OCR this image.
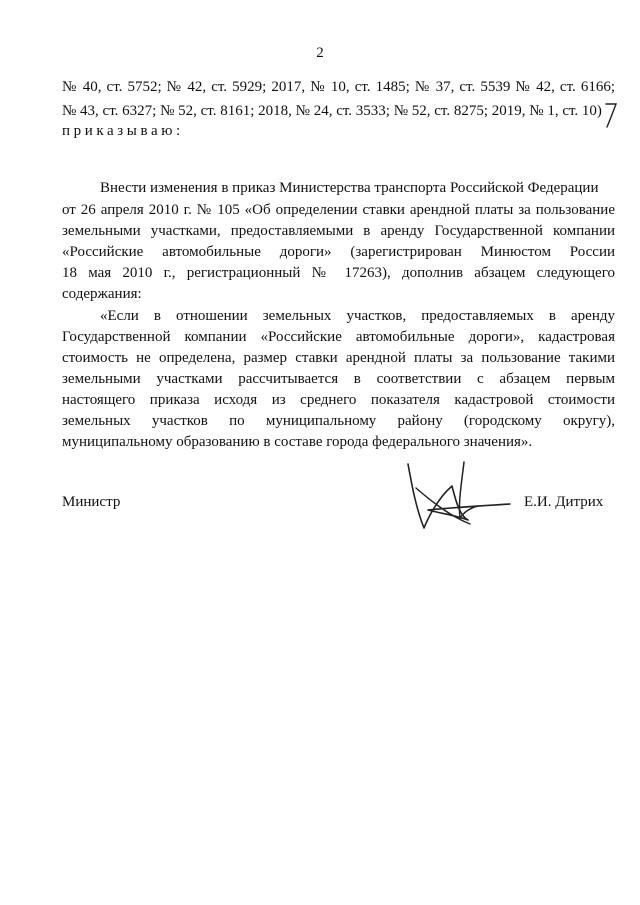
2
№ 40, ст. 5752; № 42, ст. 5929; 2017, № 10, ст. 1485; № 37, ст. 5539 № 42, ст. 6166;
№ 43, ст. 6327; № 52, ст. 8161; 2018, № 24, ст. 3533; № 52, ст. 8275; 2019, № 1, ст. 10)
приказываю:
Внести изменения в приказ Министерства транспорта Российской Федерации
от 26 апреля 2010 г. № 105 «Об определении ставки арендной платы за пользование
земельными участками, предоставляемыми в аренду Государственной компании
«Российские автомобильные дороги» (зарегистрирован Минюстом России
18 мая 2010 г., регистрационный № 17263), дополнив абзацем следующего
содержания:
«Если в отношении земельных участков, предоставляемых в аренду
Государственной компании «Российские автомобильные дороги», кадастровая
стоимость не определена, размер ставки арендной платы за пользование такими
земельными участками рассчитывается в соответствии с абзацем первым
настоящего приказа исходя из среднего показателя кадастровой стоимости
земельных участков по муниципальному району (городскому округу),
муниципальному образованию в составе города федерального значения».
Министр	Е.И. Дитрих
